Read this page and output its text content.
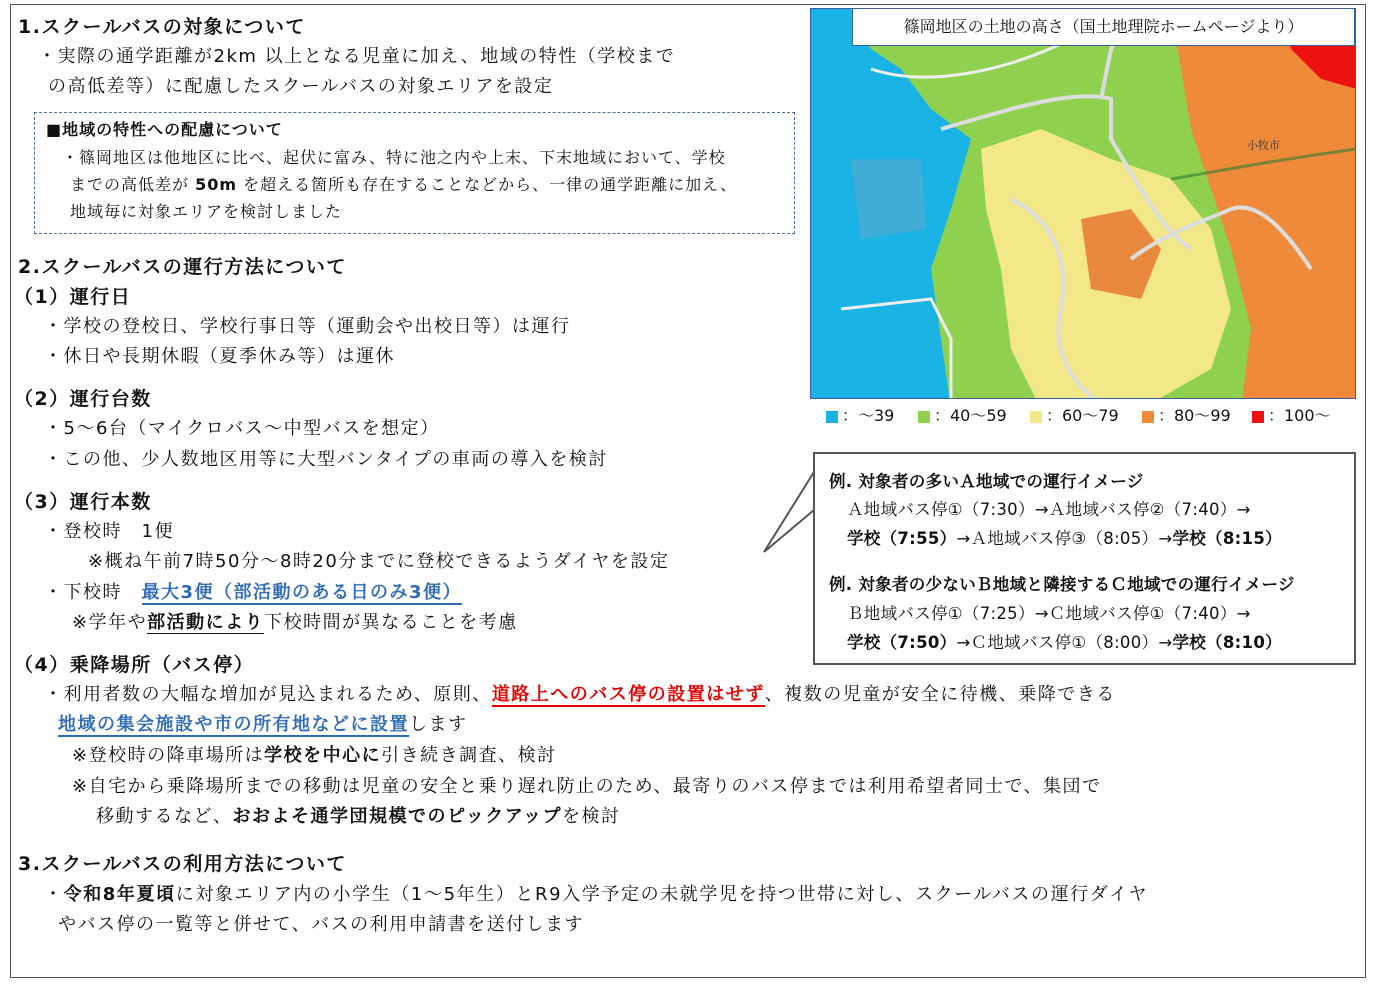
1.スクールバスの対象について
・実際の通学距離が2km 以上となる児童に加え、地域の特性（学校まで
の高低差等）に配慮したスクールバスの対象エリアを設定
■地域の特性への配慮について
・篠岡地区は他地区に比べ、起伏に富み、特に池之内や上末、下末地域において、学校
までの高低差が 50m を超える箇所も存在することなどから、一律の通学距離に加え、
地域毎に対象エリアを検討しました
2.スクールバスの運行方法について
（1）運行日
・学校の登校日、学校行事日等（運動会や出校日等）は運行
・休日や長期休暇（夏季休み等）は運休
（2）運行台数
・5～6台（マイクロバス～中型バスを想定）
・この他、少人数地区用等に大型バンタイプの車両の導入を検討
（3）運行本数
・登校時　1便
※概ね午前7時50分～8時20分までに登校できるようダイヤを設定
・下校時　最大3便（部活動のある日のみ3便）
※学年や部活動により下校時間が異なることを考慮
（4）乗降場所（バス停）
・利用者数の大幅な増加が見込まれるため、原則、道路上へのバス停の設置はせず、複数の児童が安全に待機、乗降できる
地域の集会施設や市の所有地などに設置します
※登校時の降車場所は学校を中心に引き続き調査、検討
※自宅から乗降場所までの移動は児童の安全と乗り遅れ防止のため、最寄りのバス停までは利用希望者同士で、集団で
移動するなど、おおよそ通学団規模でのピックアップを検討
3.スクールバスの利用方法について
・令和8年夏頃に対象エリア内の小学生（1～5年生）とR9入学予定の未就学児を持つ世帯に対し、スクールバスの運行ダイヤ
やバス停の一覧等と併せて、バスの利用申請書を送付します
小牧市
篠岡地区の土地の高さ（国土地理院ホームページより）
：～39	：40～59	：60～79	：80～99	：100～
例. 対象者の多いＡ地域での運行イメージ
Ａ地域バス停①（7:30）→Ａ地域バス停②（7:40）→
学校（7:55）→Ａ地域バス停③（8:05）→学校（8:15）
例. 対象者の少ないＢ地域と隣接するＣ地域での運行イメージ
Ｂ地域バス停①（7:25）→Ｃ地域バス停①（7:40）→
学校（7:50）→Ｃ地域バス停①（8:00）→学校（8:10）
